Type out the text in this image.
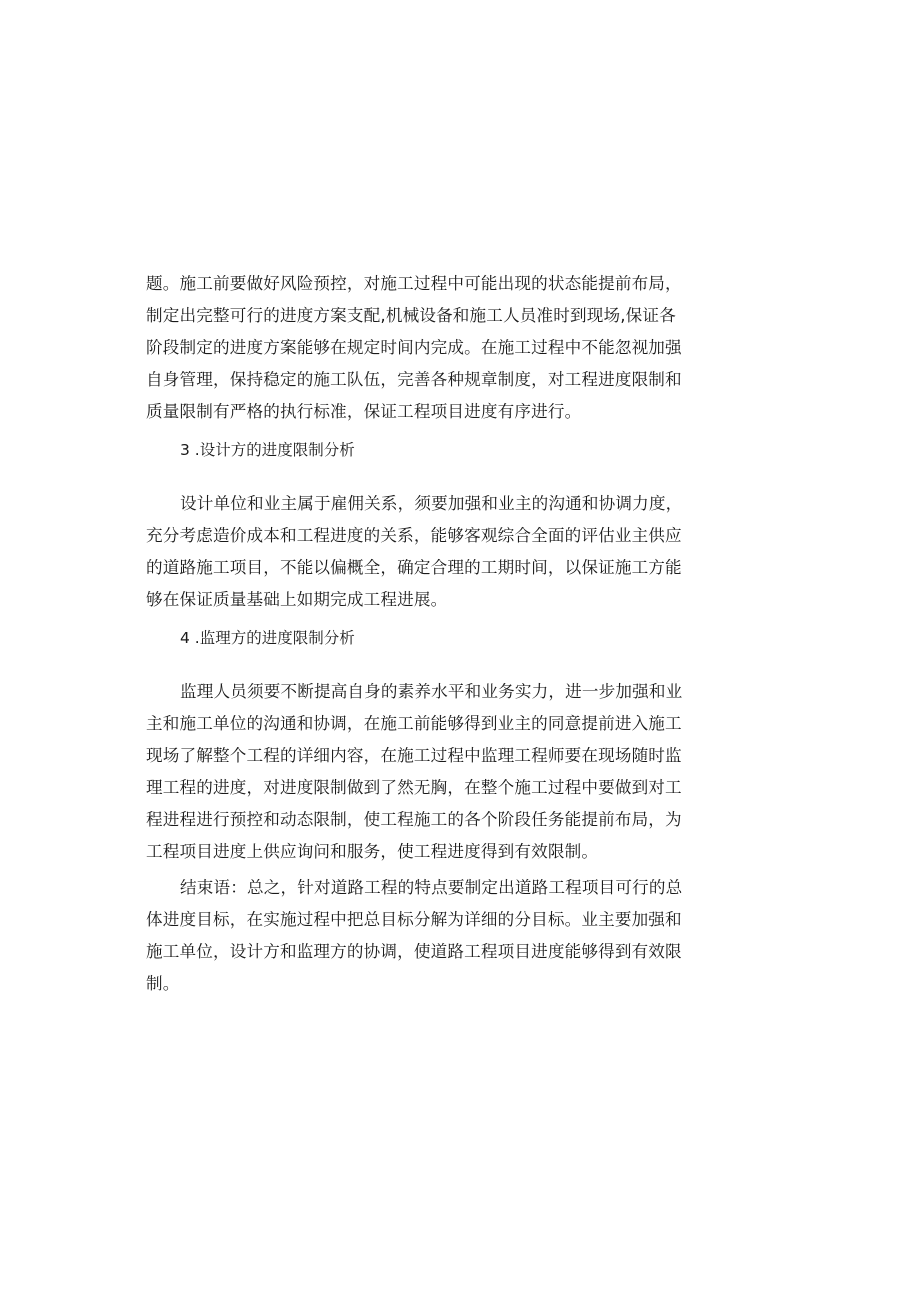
题。施工前要做好风险预控，对施工过程中可能出现的状态能提前布局，
制定出完整可行的进度方案支配,机械设备和施工人员准时到现场,保证各
阶段制定的进度方案能够在规定时间内完成。在施工过程中不能忽视加强
自身管理，保持稳定的施工队伍，完善各种规章制度，对工程进度限制和
质量限制有严格的执行标准，保证工程项目进度有序进行。
3 .设计方的进度限制分析
设计单位和业主属于雇佣关系，须要加强和业主的沟通和协调力度，
充分考虑造价成本和工程进度的关系，能够客观综合全面的评估业主供应
的道路施工项目，不能以偏概全，确定合理的工期时间，以保证施工方能
够在保证质量基础上如期完成工程进展。
4 .监理方的进度限制分析
监理人员须要不断提高自身的素养水平和业务实力，进一步加强和业
主和施工单位的沟通和协调，在施工前能够得到业主的同意提前进入施工
现场了解整个工程的详细内容，在施工过程中监理工程师要在现场随时监
理工程的进度，对进度限制做到了然无胸，在整个施工过程中要做到对工
程进程进行预控和动态限制，使工程施工的各个阶段任务能提前布局，为
工程项目进度上供应询问和服务，使工程进度得到有效限制。
结束语：总之，针对道路工程的特点要制定出道路工程项目可行的总
体进度目标，在实施过程中把总目标分解为详细的分目标。业主要加强和
施工单位，设计方和监理方的协调，使道路工程项目进度能够得到有效限
制。
